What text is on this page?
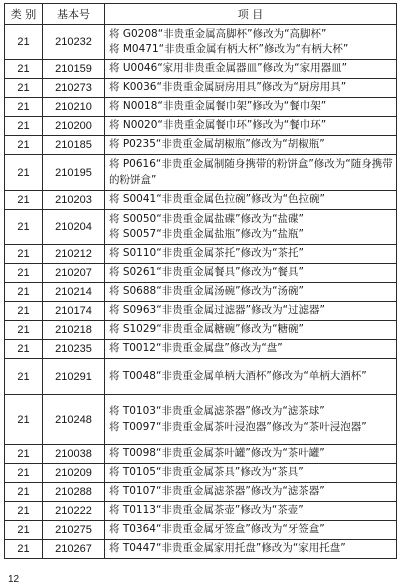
类 别	基本号	项 目
21	210232	将 G0208“非贵重金属高脚杯”修改为“高脚杯”
将 M0471“非贵重金属有柄大杯”修改为“有柄大杯”

21	210159	将 U0046“家用非贵重金属器皿”修改为“家用器皿”

21	210273	将 K0036“非贵重金属厨房用具”修改为“厨房用具”

21	210210	将 N0018“非贵重金属餐巾架”修改为“餐巾架”

21	210200	将 N0020“非贵重金属餐巾环”修改为“餐巾环”

21	210185	将 P0235“非贵重金属胡椒瓶”修改为“胡椒瓶”

21	210195	将 P0616“非贵重金属制随身携带的粉饼盒”修改为“随身携带的粉饼盒”

21	210203	将 S0041“非贵重金属色拉碗”修改为“色拉碗”

21	210204	将 S0050“非贵重金属盐碟”修改为“盐碟”
将 S0057“非贵重金属盐瓶”修改为“盐瓶”

21	210212	将 S0110“非贵重金属茶托”修改为“茶托”

21	210207	将 S0261“非贵重金属餐具”修改为“餐具”

21	210214	将 S0688“非贵重金属汤碗”修改为“汤碗”

21	210174	将 S0963“非贵重金属过滤器”修改为“过滤器”

21	210218	将 S1029“非贵重金属糖碗”修改为“糖碗”

21	210235	将 T0012“非贵重金属盘”修改为“盘”

21	210291	将 T0048“非贵重金属单柄大酒杯”修改为“单柄大酒杯”

21	210248	将 T0103“非贵重金属滤茶器”修改为“滤茶球”
将 T0097“非贵重金属茶叶浸泡器”修改为“茶叶浸泡器”

21	210038	将 T0098“非贵重金属茶叶罐”修改为“茶叶罐”

21	210209	将 T0105“非贵重金属茶具”修改为“茶具”

21	210288	将 T0107“非贵重金属滤茶器”修改为“滤茶器”

21	210222	将 T0113“非贵重金属茶壶”修改为“茶壶”

21	210275	将 T0364“非贵重金属牙签盒”修改为“牙签盒”

21	210267	将 T0447“非贵重金属家用托盘”修改为“家用托盘”
12
